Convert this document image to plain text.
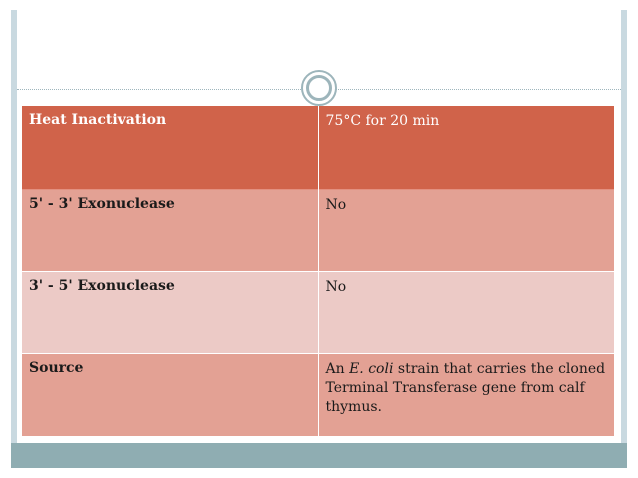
Heat Inactivation	75°C for 20 min
5' - 3' Exonuclease	No
3' - 5' Exonuclease	No
Source	An E. coli strain that carries the cloned Terminal Transferase gene from calf thymus.
